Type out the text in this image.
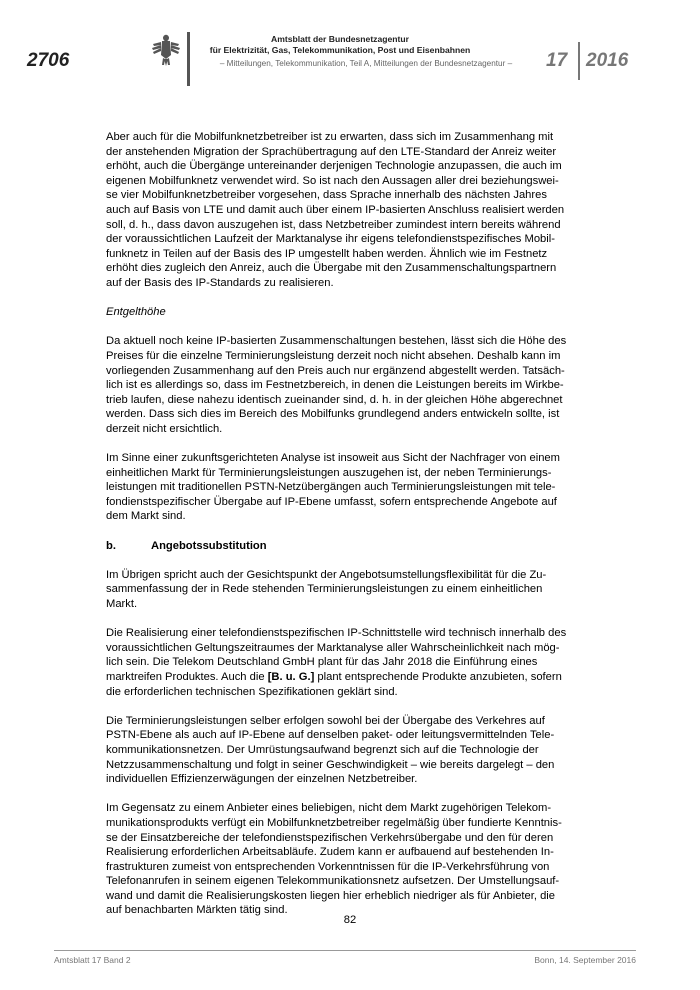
2706
Amtsblatt der Bundesnetzagentur
für Elektrizität, Gas, Telekommunikation, Post und Eisenbahnen
– Mitteilungen, Telekommunikation, Teil A, Mitteilungen der Bundesnetzagentur –	17 2016

Aber auch für die Mobilfunknetzbetreiber ist zu erwarten, dass sich im Zusammenhang mit
der anstehenden Migration der Sprachübertragung auf den LTE-Standard der Anreiz weiter
erhöht, auch die Übergänge untereinander derjenigen Technologie anzupassen, die auch im
eigenen Mobilfunknetz verwendet wird. So ist nach den Aussagen aller drei beziehungswei-
se vier Mobilfunknetzbetreiber vorgesehen, dass Sprache innerhalb des nächsten Jahres
auch auf Basis von LTE und damit auch über einem IP-basierten Anschluss realisiert werden
soll, d. h., dass davon auszugehen ist, dass Netzbetreiber zumindest intern bereits während
der voraussichtlichen Laufzeit der Marktanalyse ihr eigens telefondienstspezifisches Mobil-
funknetz in Teilen auf der Basis des IP umgestellt haben werden. Ähnlich wie im Festnetz
erhöht dies zugleich den Anreiz, auch die Übergabe mit den Zusammenschaltungspartnern
auf der Basis des IP-Standards zu realisieren.

Entgelthöhe

Da aktuell noch keine IP-basierten Zusammenschaltungen bestehen, lässt sich die Höhe des
Preises für die einzelne Terminierungsleistung derzeit noch nicht absehen. Deshalb kann im
vorliegenden Zusammenhang auf den Preis auch nur ergänzend abgestellt werden. Tatsäch-
lich ist es allerdings so, dass im Festnetzbereich, in denen die Leistungen bereits im Wirkbe-
trieb laufen, diese nahezu identisch zueinander sind, d. h. in der gleichen Höhe abgerechnet
werden. Dass sich dies im Bereich des Mobilfunks grundlegend anders entwickeln sollte, ist
derzeit nicht ersichtlich.

Im Sinne einer zukunftsgerichteten Analyse ist insoweit aus Sicht der Nachfrager von einem
einheitlichen Markt für Terminierungsleistungen auszugehen ist, der neben Terminierungs-
leistungen mit traditionellen PSTN-Netzübergängen auch Terminierungsleistungen mit tele-
fondienstspezifischer Übergabe auf IP-Ebene umfasst, sofern entsprechende Angebote auf
dem Markt sind.

b.	Angebotssubstitution

Im Übrigen spricht auch der Gesichtspunkt der Angebotsumstellungsflexibilität für die Zu-
sammenfassung der in Rede stehenden Terminierungsleistungen zu einem einheitlichen
Markt.

Die Realisierung einer telefondienstspezifischen IP-Schnittstelle wird technisch innerhalb des
voraussichtlichen Geltungszeitraumes der Marktanalyse aller Wahrscheinlichkeit nach mög-
lich sein. Die Telekom Deutschland GmbH plant für das Jahr 2018 die Einführung eines
marktreifen Produktes. Auch die [B. u. G.] plant entsprechende Produkte anzubieten, sofern
die erforderlichen technischen Spezifikationen geklärt sind.

Die Terminierungsleistungen selber erfolgen sowohl bei der Übergabe des Verkehres auf
PSTN-Ebene als auch auf IP-Ebene auf denselben paket- oder leitungsvermittelnden Tele-
kommunikationsnetzen. Der Umrüstungsaufwand begrenzt sich auf die Technologie der
Netzzusammenschaltung und folgt in seiner Geschwindigkeit – wie bereits dargelegt – den
individuellen Effizienzerwägungen der einzelnen Netzbetreiber.

Im Gegensatz zu einem Anbieter eines beliebigen, nicht dem Markt zugehörigen Telekom-
munikationsprodukts verfügt ein Mobilfunknetzbetreiber regelmäßig über fundierte Kenntnis-
se der Einsatzbereiche der telefondienstspezifischen Verkehrsübergabe und den für deren
Realisierung erforderlichen Arbeitsabläufe. Zudem kann er aufbauend auf bestehenden In-
frastrukturen zumeist von entsprechenden Vorkenntnissen für die IP-Verkehrsführung von
Telefonanrufen in seinem eigenen Telekommunikationsnetz aufsetzen. Der Umstellungsauf-
wand und damit die Realisierungskosten liegen hier erheblich niedriger als für Anbieter, die
auf benachbarten Märkten tätig sind.

82
Amtsblatt 17 Band 2	Bonn, 14. September 2016
